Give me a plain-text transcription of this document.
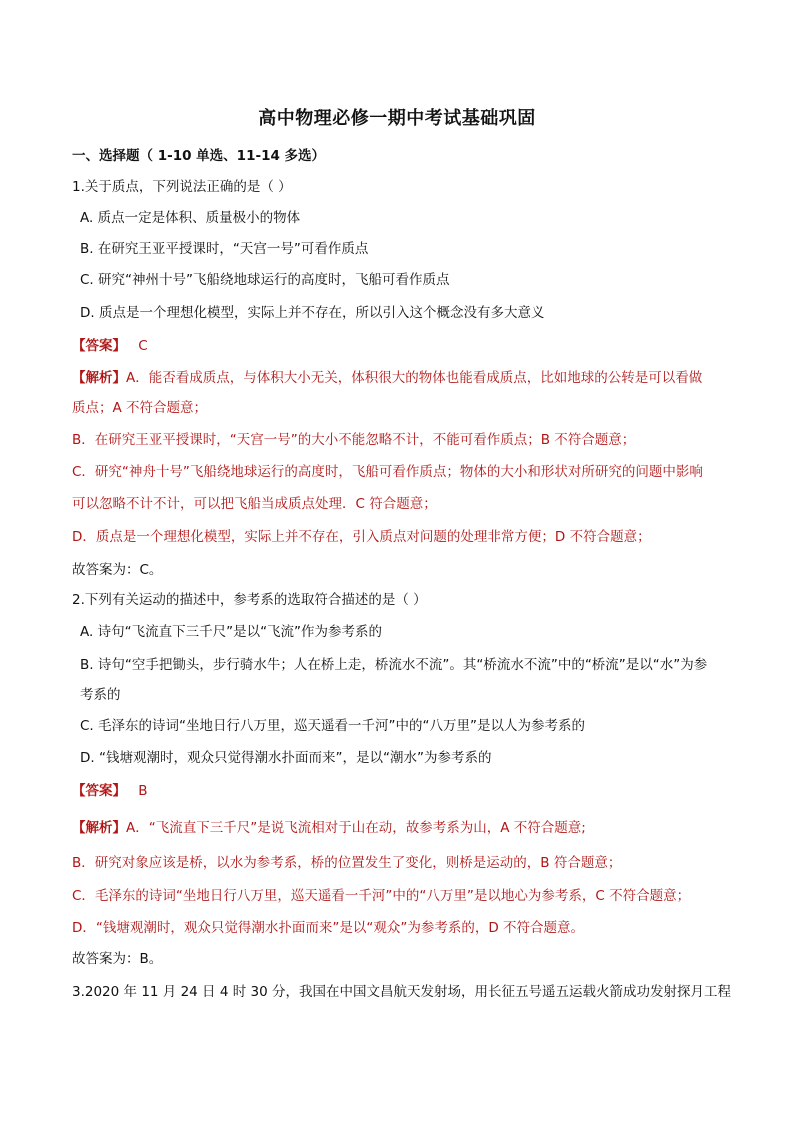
高中物理必修一期中考试基础巩固
一、选择题（ 1-10 单选、11-14 多选）
1.关于质点，下列说法正确的是（ ）
A. 质点一定是体积、质量极小的物体
B. 在研究王亚平授课时，“天宫一号”可看作质点
C. 研究“神州十号”飞船绕地球运行的高度时，飞船可看作质点
D. 质点是一个理想化模型，实际上并不存在，所以引入这个概念没有多大意义
【答案】 C
【解析】A．能否看成质点，与体积大小无关，体积很大的物体也能看成质点，比如地球的公转是可以看做
质点；A 不符合题意；
B．在研究王亚平授课时，“天宫一号”的大小不能忽略不计，不能可看作质点；B 不符合题意；
C．研究“神舟十号”飞船绕地球运行的高度时，飞船可看作质点；物体的大小和形状对所研究的问题中影响
可以忽略不计不计，可以把飞船当成质点处理．C 符合题意；
D．质点是一个理想化模型，实际上并不存在，引入质点对问题的处理非常方便；D 不符合题意；
故答案为：C。
2.下列有关运动的描述中，参考系的选取符合描述的是（ ）
A. 诗句“飞流直下三千尺”是以“飞流”作为参考系的
B. 诗句“空手把锄头，步行骑水牛；人在桥上走，桥流水不流”。其“桥流水不流”中的“桥流”是以“水”为参
考系的
C. 毛泽东的诗词“坐地日行八万里，巡天遥看一千河”中的“八万里”是以人为参考系的
D. “钱塘观潮时，观众只觉得潮水扑面而来”，是以“潮水”为参考系的
【答案】 B
【解析】A．“飞流直下三千尺”是说飞流相对于山在动，故参考系为山，A 不符合题意;
B．研究对象应该是桥，以水为参考系，桥的位置发生了变化，则桥是运动的，B 符合题意；
C．毛泽东的诗词“坐地日行八万里，巡天遥看一千河”中的“八万里”是以地心为参考系，C 不符合题意；
D．“钱塘观潮时，观众只觉得潮水扑面而来”是以“观众”为参考系的，D 不符合题意。
故答案为：B。
3.2020 年 11 月 24 日 4 时 30 分，我国在中国文昌航天发射场，用长征五号遥五运载火箭成功发射探月工程
